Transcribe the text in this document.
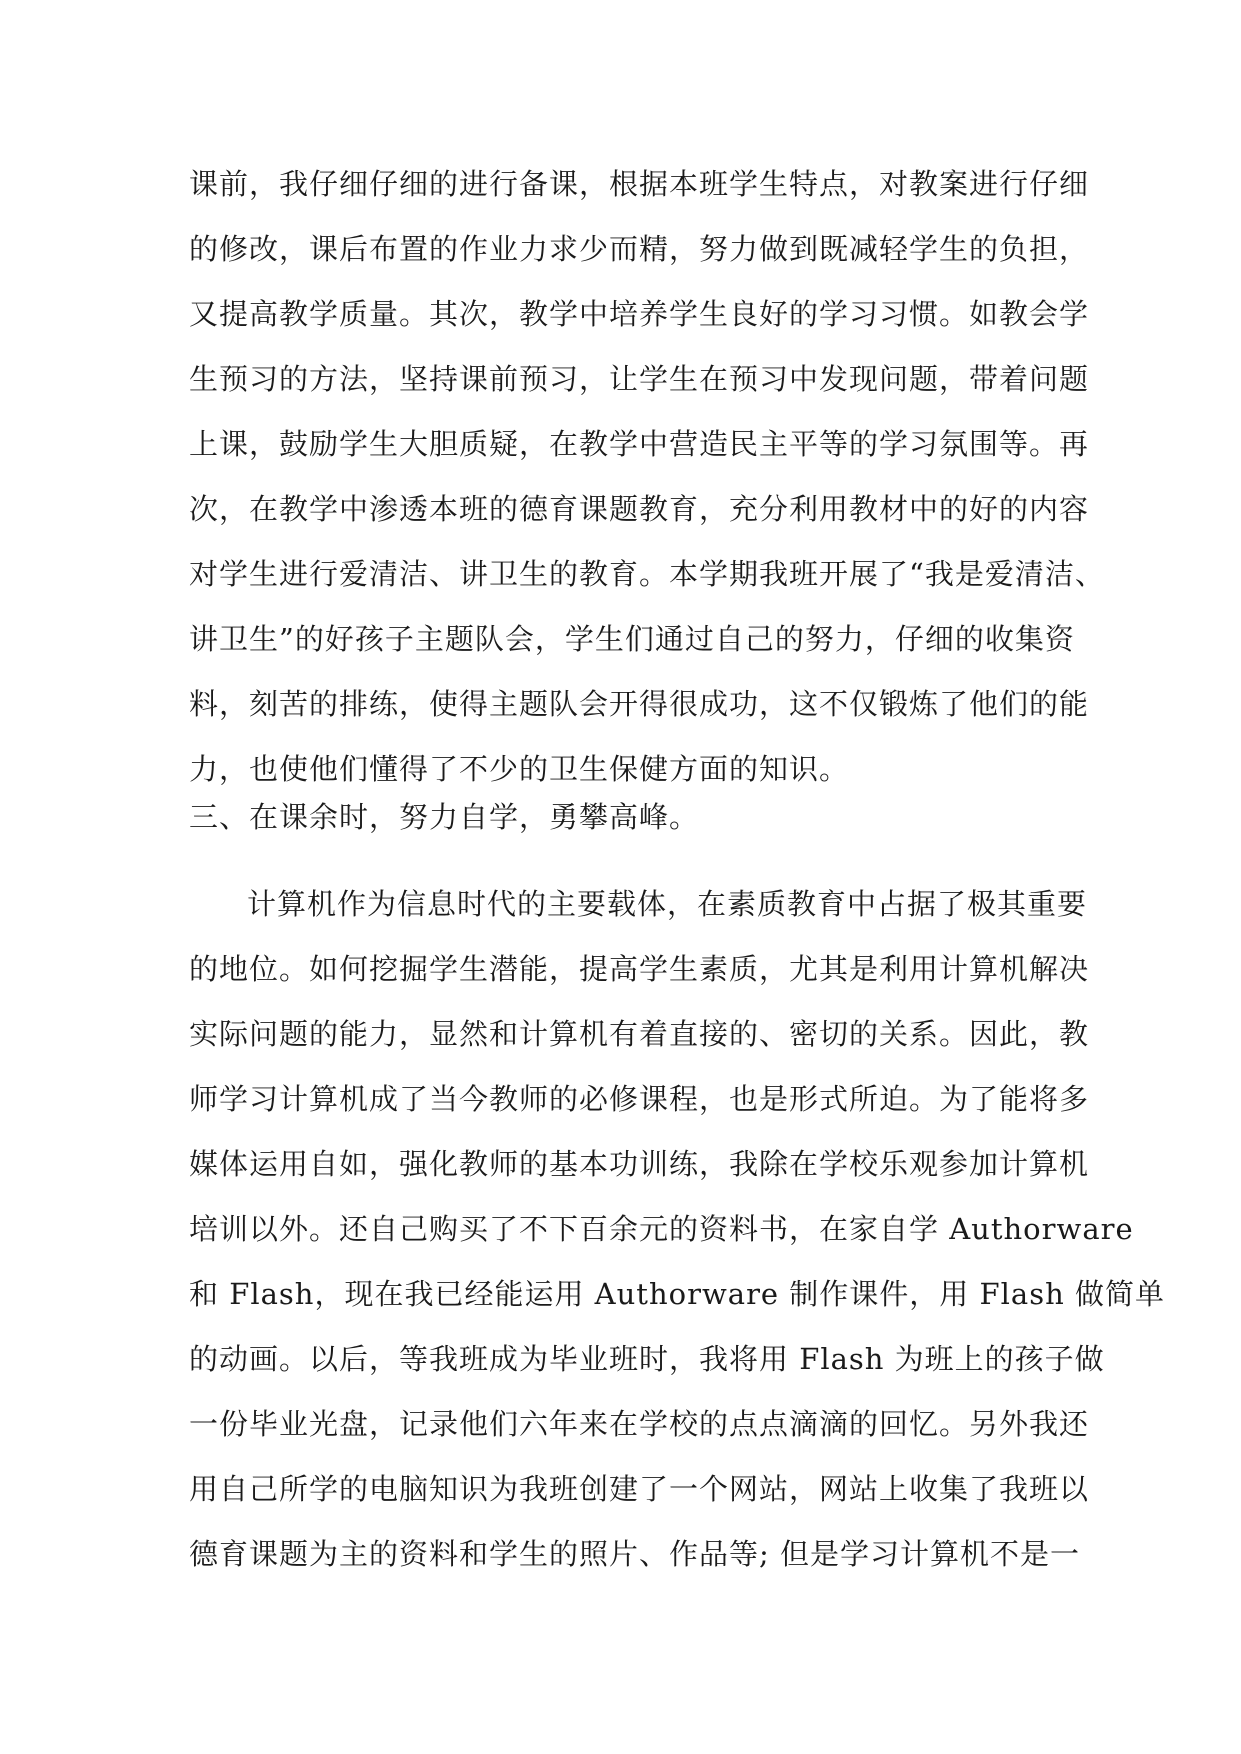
课前，我仔细仔细的进行备课，根据本班学生特点，对教案进行仔细
的修改，课后布置的作业力求少而精，努力做到既减轻学生的负担，
又提高教学质量。其次，教学中培养学生良好的学习习惯。如教会学
生预习的方法，坚持课前预习，让学生在预习中发现问题，带着问题
上课，鼓励学生大胆质疑，在教学中营造民主平等的学习氛围等。再
次，在教学中渗透本班的德育课题教育，充分利用教材中的好的内容
对学生进行爱清洁、讲卫生的教育。本学期我班开展了“我是爱清洁、
讲卫生”的好孩子主题队会，学生们通过自己的努力，仔细的收集资
料，刻苦的排练，使得主题队会开得很成功，这不仅锻炼了他们的能
力，也使他们懂得了不少的卫生保健方面的知识。
三、在课余时，努力自学，勇攀高峰。
计算机作为信息时代的主要载体，在素质教育中占据了极其重要
的地位。如何挖掘学生潜能，提高学生素质，尤其是利用计算机解决
实际问题的能力，显然和计算机有着直接的、密切的关系。因此，教
师学习计算机成了当今教师的必修课程，也是形式所迫。为了能将多
媒体运用自如，强化教师的基本功训练，我除在学校乐观参加计算机
培训以外。还自己购买了不下百余元的资料书，在家自学 Authorware
和 Flash，现在我已经能运用 Authorware 制作课件，用 Flash 做简单
的动画。以后，等我班成为毕业班时，我将用 Flash 为班上的孩子做
一份毕业光盘，记录他们六年来在学校的点点滴滴的回忆。另外我还
用自己所学的电脑知识为我班创建了一个网站，网站上收集了我班以
德育课题为主的资料和学生的照片、作品等; 但是学习计算机不是一
